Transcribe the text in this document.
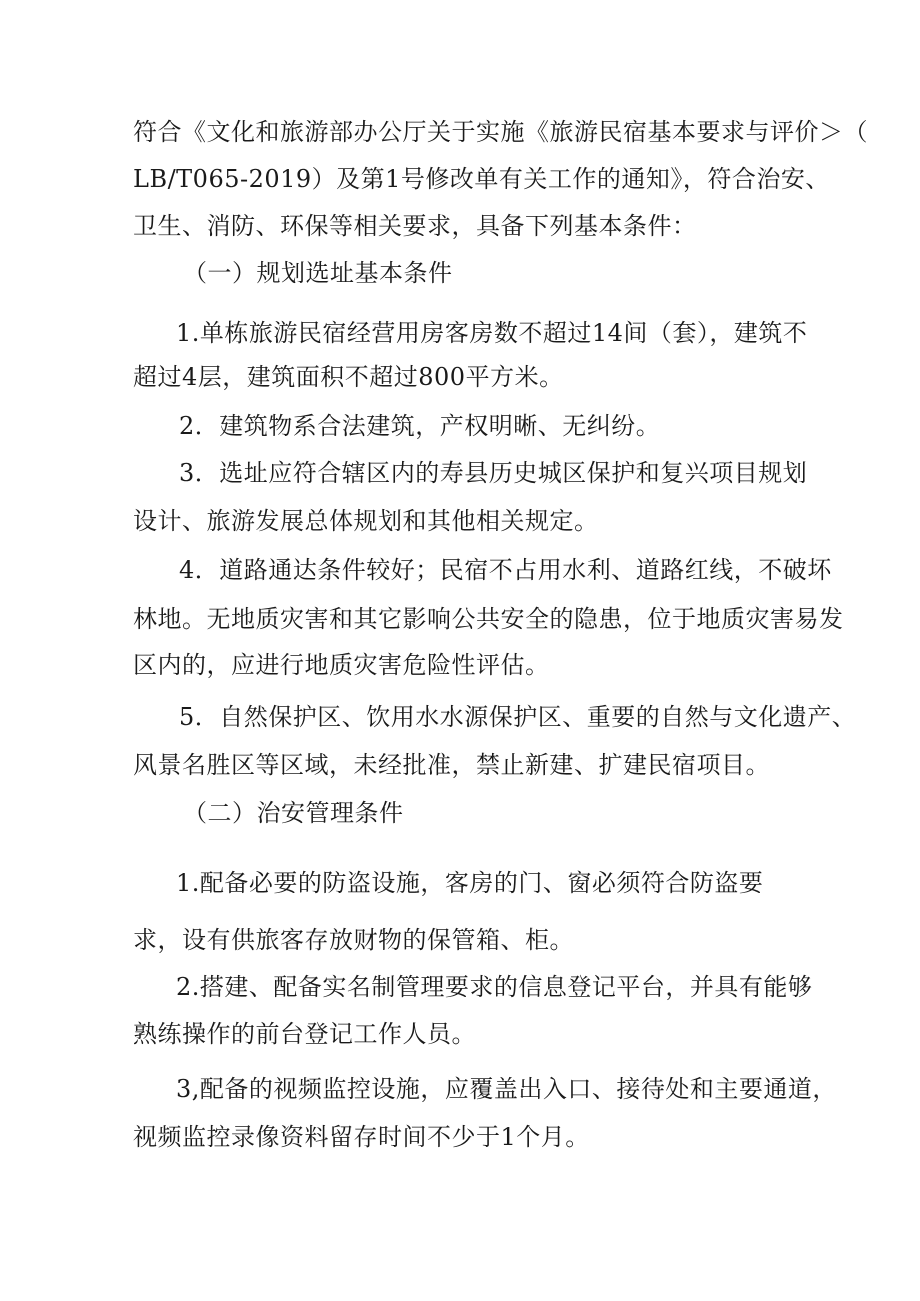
符合《文化和旅游部办公厅关于实施《旅游民宿基本要求与评价＞（
LB/T065-2019）及第1号修改单有关工作的通知》，符合治安、
卫生、消防、环保等相关要求，具备下列基本条件：
（一）规划选址基本条件
1.单栋旅游民宿经营用房客房数不超过14间（套），建筑不
超过4层，建筑面积不超过800平方米。
2．建筑物系合法建筑，产权明晰、无纠纷。
3．选址应符合辖区内的寿县历史城区保护和复兴项目规划
设计、旅游发展总体规划和其他相关规定。
4．道路通达条件较好；民宿不占用水利、道路红线，不破坏
林地。无地质灾害和其它影响公共安全的隐患，位于地质灾害易发
区内的，应进行地质灾害危险性评估。
5．自然保护区、饮用水水源保护区、重要的自然与文化遗产、
风景名胜区等区域，未经批准，禁止新建、扩建民宿项目。
（二）治安管理条件
1.配备必要的防盗设施，客房的门、窗必须符合防盗要
求，设有供旅客存放财物的保管箱、柜。
2.搭建、配备实名制管理要求的信息登记平台，并具有能够
熟练操作的前台登记工作人员。
3,配备的视频监控设施，应覆盖出入口、接待处和主要通道，
视频监控录像资料留存时间不少于1个月。
